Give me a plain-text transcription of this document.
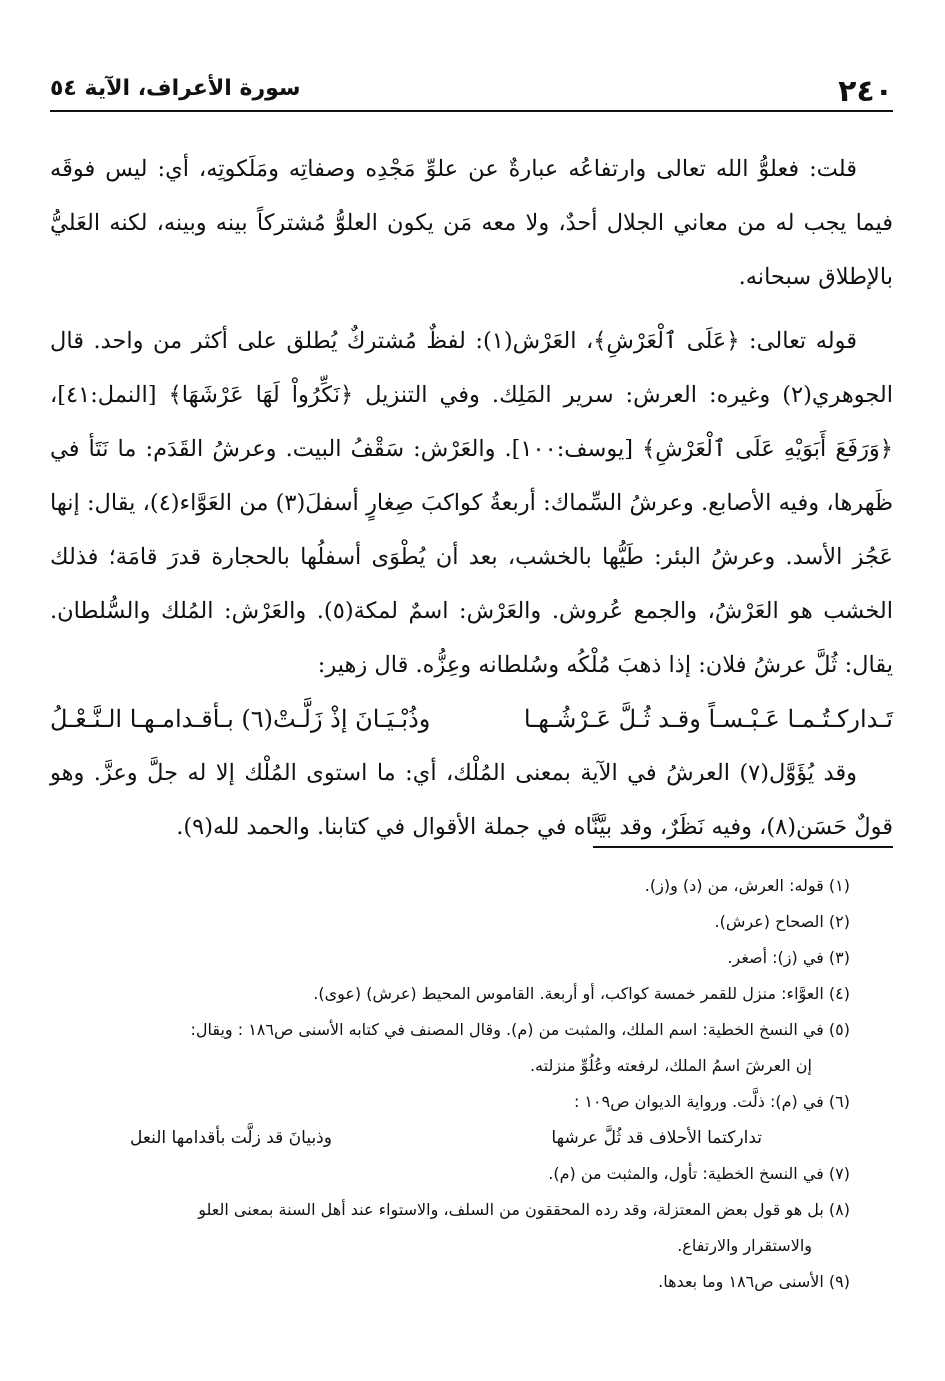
٢٤٠
سورة الأعراف، الآية ٥٤

قلت: فعلوُّ الله تعالى وارتفاعُه عبارةٌ عن علوِّ مَجْدِه وصفاتِه ومَلَكوتِه، أي: ليس فوقَه فيما يجب له من معاني الجلال أحدٌ، ولا معه مَن يكون العلوُّ مُشتركاً بينه وبينه، لكنه العَليُّ بالإطلاق سبحانه.

قوله تعالى: ﴿عَلَى ٱلْعَرْشِ﴾، العَرْش(١): لفظٌ مُشتركٌ يُطلق على أكثر من واحد. قال الجوهري(٢) وغيره: العرش: سرير المَلِك. وفي التنزيل ﴿نَكِّرُواْ لَهَا عَرْشَهَا﴾ [النمل:٤١]، ﴿وَرَفَعَ أَبَوَيْهِ عَلَى ٱلْعَرْشِ﴾ [يوسف:١٠٠]. والعَرْش: سَقْفُ البيت. وعرشُ القَدَم: ما نَتَأ في ظَهرها، وفيه الأصابع. وعرشُ السِّماك: أربعةُ كواكبَ صِغارٍ أسفلَ(٣) من العَوَّاء(٤)، يقال: إنها عَجُز الأسد. وعرشُ البئر: طَيُّها بالخشب، بعد أن يُطْوَى أسفلُها بالحجارة قدرَ قامَة؛ فذلك الخشب هو العَرْشُ، والجمع عُروش. والعَرْش: اسمٌ لمكة(٥). والعَرْش: المُلك والسُّلطان. يقال: ثُلَّ عرشُ فلان: إذا ذهبَ مُلْكُه وسُلطانه وعِزُّه. قال زهير:

تَـداركـتُـمـا عَـبْـسـاً وقـد ثُـلَّ عَـرْشُـهـا
وذُبْـيَـانَ إذْ زَلَّـتْ(٦) بـأقـدامـهـا الـنَّـعْـلُ

وقد يُؤَوَّل(٧) العرشُ في الآية بمعنى المُلْك، أي: ما استوى المُلْك إلا له جلَّ وعزَّ. وهو قولٌ حَسَن(٨)، وفيه نَظَرٌ، وقد بيَّنَّاه في جملة الأقوال في كتابنا. والحمد لله(٩).

(١) قوله: العرش، من (د) و(ز).

(٢) الصحاح (عرش).

(٣) في (ز): أصغر.

(٤) العوَّاء: منزل للقمر خمسة كواكب، أو أربعة. القاموس المحيط (عرش) (عوى).

(٥) في النسخ الخطية: اسم الملك، والمثبت من (م). وقال المصنف في كتابه الأسنى ص١٨٦ : ويقال:

إن العرشَ اسمُ الملك، لرفعته وعُلُوِّ منزلته.

(٦) في (م): ذلَّت. ورواية الديوان ص١٠٩ :

تداركتما الأحلاف قد ثُلَّ عرشها
وذبيانَ قد زلَّت بأقدامها النعل

(٧) في النسخ الخطية: تأول، والمثبت من (م).

(٨) بل هو قول بعض المعتزلة، وقد رده المحققون من السلف، والاستواء عند أهل السنة بمعنى العلو

والاستقرار والارتفاع.

(٩) الأسنى ص١٨٦ وما بعدها.
